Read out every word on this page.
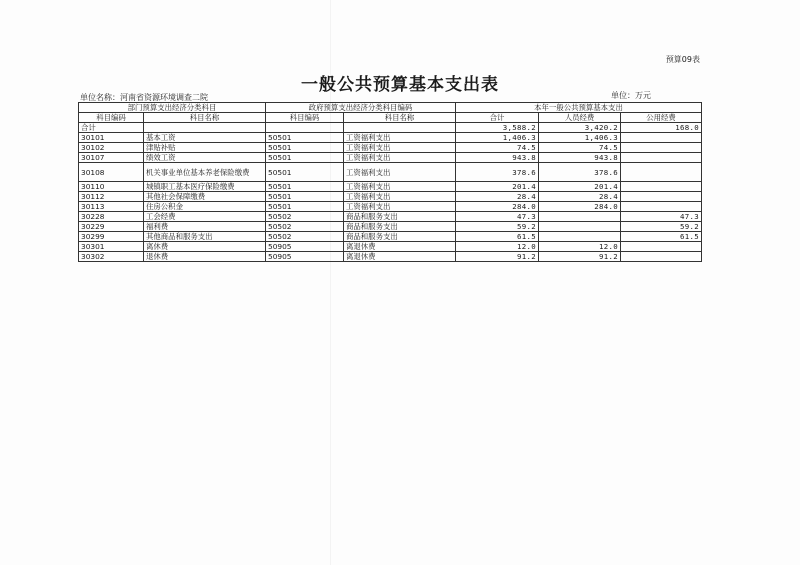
预算09表
一般公共预算基本支出表
单位名称：河南省资源环境调查二院	单位：万元
部门预算支出经济分类科目		政府预算支出经济分类科目编码		本年一般公共预算基本支出		
科目编码	科目名称	科目编码	科目名称	合计	人员经费	公用经费
合计				3,588.2	3,420.2	168.0
30101	基本工资	50501	工资福利支出	1,406.3	1,406.3	
30102	津贴补贴	50501	工资福利支出	74.5	74.5	
30107	绩效工资	50501	工资福利支出	943.8	943.8	
30108	机关事业单位基本养老保险缴费	50501	工资福利支出	378.6	378.6	
30110	城镇职工基本医疗保险缴费	50501	工资福利支出	201.4	201.4	
30112	其他社会保障缴费	50501	工资福利支出	28.4	28.4	
30113	住房公积金	50501	工资福利支出	284.0	284.0	
30228	工会经费	50502	商品和服务支出	47.3		47.3
30229	福利费	50502	商品和服务支出	59.2		59.2
30299	其他商品和服务支出	50502	商品和服务支出	61.5		61.5
30301	离休费	50905	离退休费	12.0	12.0	
30302	退休费	50905	离退休费	91.2	91.2	
